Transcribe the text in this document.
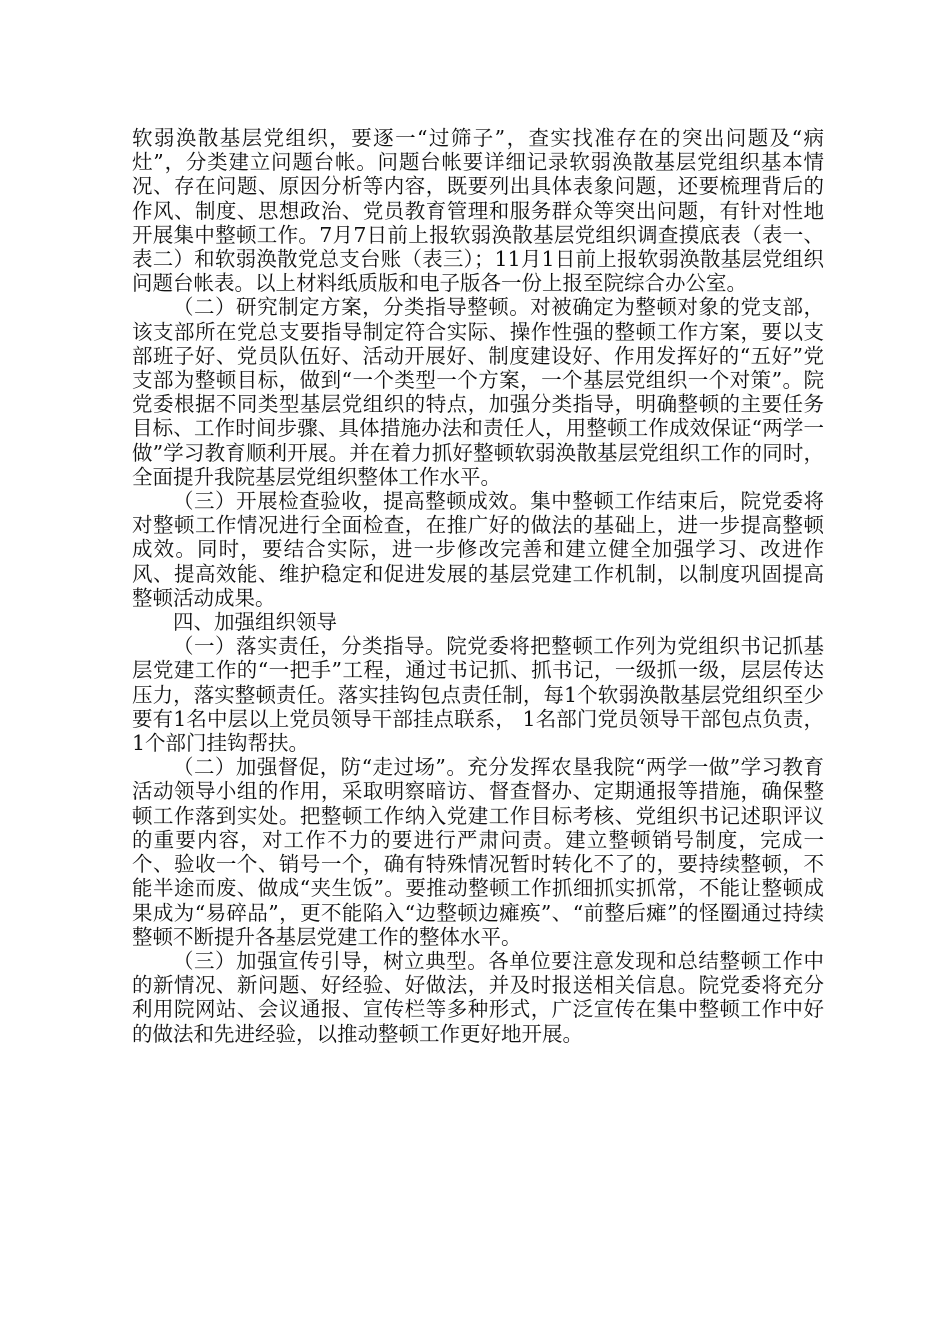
软弱涣散基层党组织，要逐一“过筛子”，查实找准存在的突出问题及“病灶”，分类建立问题台帐。问题台帐要详细记录软弱涣散基层党组织基本情况、存在问题、原因分析等内容，既要列出具体表象问题，还要梳理背后的作风、制度、思想政治、党员教育管理和服务群众等突出问题，有针对性地开展集中整顿工作。7月7日前上报软弱涣散基层党组织调查摸底表（表一、表二）和软弱涣散党总支台账（表三）；11月1日前上报软弱涣散基层党组织问题台帐表。以上材料纸质版和电子版各一份上报至院综合办公室。

（二）研究制定方案，分类指导整顿。对被确定为整顿对象的党支部，该支部所在党总支要指导制定符合实际、操作性强的整顿工作方案，要以支部班子好、党员队伍好、活动开展好、制度建设好、作用发挥好的“五好”党支部为整顿目标，做到“一个类型一个方案，一个基层党组织一个对策”。院党委根据不同类型基层党组织的特点，加强分类指导，明确整顿的主要任务目标、工作时间步骤、具体措施办法和责任人，用整顿工作成效保证“两学一做”学习教育顺利开展。并在着力抓好整顿软弱涣散基层党组织工作的同时，全面提升我院基层党组织整体工作水平。

（三）开展检查验收，提高整顿成效。集中整顿工作结束后，院党委将对整顿工作情况进行全面检查，在推广好的做法的基础上，进一步提高整顿成效。同时，要结合实际，进一步修改完善和建立健全加强学习、改进作风、提高效能、维护稳定和促进发展的基层党建工作机制，以制度巩固提高整顿活动成果。

四、加强组织领导

（一）落实责任，分类指导。院党委将把整顿工作列为党组织书记抓基层党建工作的“一把手”工程，通过书记抓、抓书记，一级抓一级，层层传达压力，落实整顿责任。落实挂钩包点责任制，每1个软弱涣散基层党组织至少要有1名中层以上党员领导干部挂点联系， 1名部门党员领导干部包点负责， 1个部门挂钩帮扶。

（二）加强督促，防“走过场”。充分发挥农垦我院“两学一做”学习教育活动领导小组的作用，采取明察暗访、督查督办、定期通报等措施，确保整顿工作落到实处。把整顿工作纳入党建工作目标考核、党组织书记述职评议的重要内容，对工作不力的要进行严肃问责。建立整顿销号制度，完成一个、验收一个、销号一个，确有特殊情况暂时转化不了的，要持续整顿，不能半途而废、做成“夹生饭”。要推动整顿工作抓细抓实抓常，不能让整顿成果成为“易碎品”，更不能陷入“边整顿边瘫痪”、“前整后瘫”的怪圈通过持续整顿不断提升各基层党建工作的整体水平。

（三）加强宣传引导，树立典型。各单位要注意发现和总结整顿工作中的新情况、新问题、好经验、好做法，并及时报送相关信息。院党委将充分利用院网站、会议通报、宣传栏等多种形式，广泛宣传在集中整顿工作中好的做法和先进经验，以推动整顿工作更好地开展。
